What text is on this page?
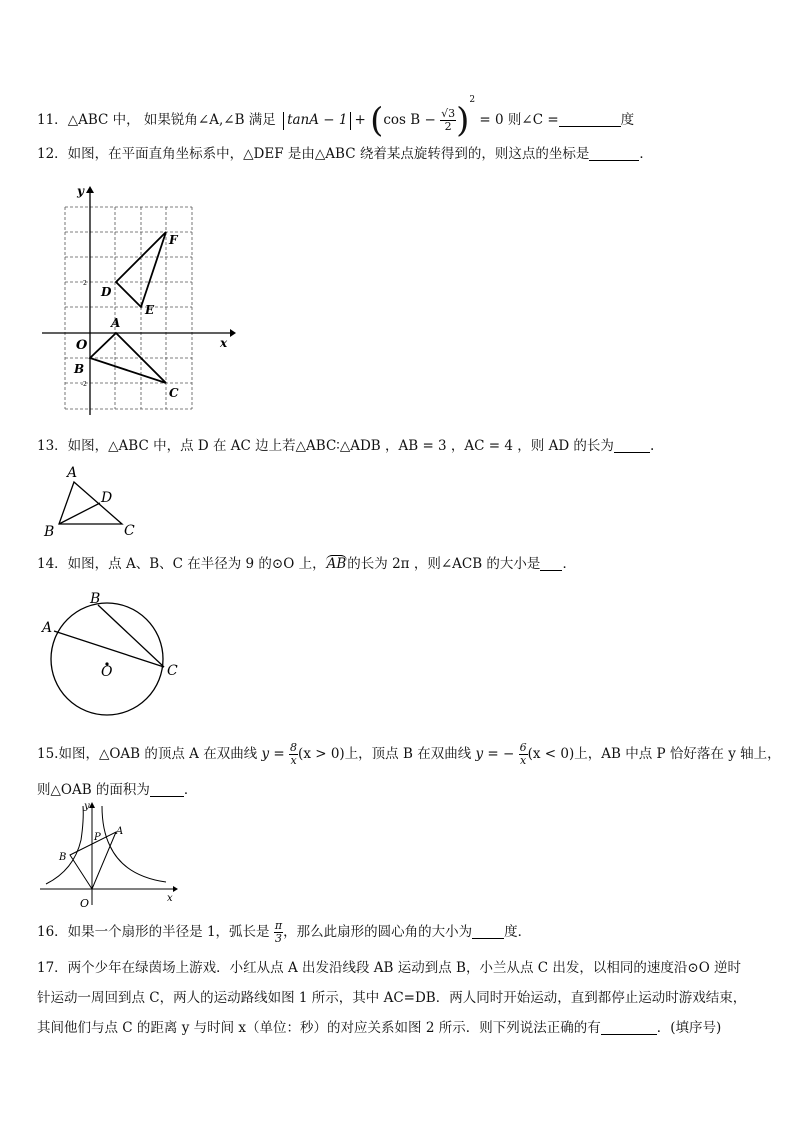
11．△ABC 中， 如果锐角∠A,∠B 满足 tanA − 1 + (cos $B - \frac{√3}{2} )^2 = 0$ 则∠C =	度
12．如图，在平面直角坐标系中，△DEF 是由△ABC 绕着某点旋转得到的，则这点的坐标是	．
y
x
O
A
B
C
D
E
F
2
-2
13．如图，△ABC 中，点 D 在 AC 边上若△ABC∶△ADB ，AB = 3 ，AC = 4 ，则 AD 的长为	.
A
B	C
D
14．如图，点 A、B、C 在半径为 9 的⊙O 上，AB的长为 2π ，则∠ACB 的大小是 ．
A
B
C
O
15.如图，△OAB 的顶点 A 在双曲线 $y = \frac{8}{x} (x > 0)$上，顶点 B 在双曲线 y = − $\frac{6}{x} (x < 0)$上，AB 中点 P 恰好落在 y 轴上，
则△OAB 的面积为	．
y
x
O
A
B
P
16．如果一个扇形的半径是 1，弧长是 $\frac{\pi}{3}$ ，那么此扇形的圆心角的大小为 度．
17．两个少年在绿茵场上游戏．小红从点 A 出发沿线段 AB 运动到点 B，小兰从点 C 出发，以相同的速度沿⊙O 逆时
针运动一周回到点 C，两人的运动路线如图 1 所示，其中 AC=DB．两人同时开始运动，直到都停止运动时游戏结束，
其间他们与点 C 的距离 y 与时间 x（单位：秒）的对应关系如图 2 所示．则下列说法正确的有	．(填序号)
